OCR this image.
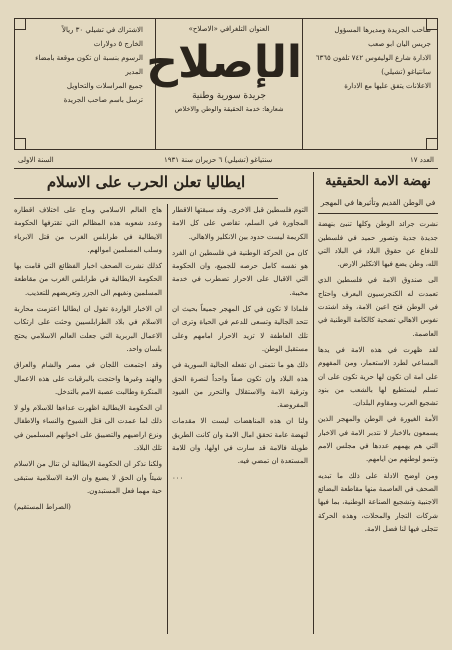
صاحب الجريدة ومديرها المسؤول
جريس اليان ابو صعب
الادارة شارع الوليفوس ٧٤٢ تلفون ٦٣٦٥
سانتياغو (تشيلي)
الاعلانات يتفق عليها مع الادارة
العنوان التلغرافي «الاصلاح»
الإصلاح
جريدة سورية وطنية
شعارها: خدمة الحقيقة والوطن والاخلاص
الاشتراك في تشيلي ٣٠ ريالاً
الخارج ٥ دولارات
الرسوم بنسبة ان تكون موقعة بامضاء المدير
جميع المراسلات والتحاويل
ترسل باسم صاحب الجريدة
العدد ١٧
سنتياغو (تشيلي) ٦ حزيران سنة ١٩٣١
السنة الاولى
نهضة الامة الحقيقية
في الوطن القديم وتأثيرها في المهجر

نشرت جرائد الوطن وكلها تنبئ بنهضة جديدة جدية وتصور حميد في فلسطين للدفاع عن حقوق البلاد في البلاد التي الله، وطن يضع فيها الانكليز الارض.

الى صندوق الامة في فلسطين الذي تعمدت له الكنجرسيون البعرف واحتاج في الوطن فتح اعين الامة، وقد اشتدت نفوس الاهالي تضحية كالكامة الوطنية في العاصمة.

لقد ظهرت في هذه الامة في يدها المساعي لطرد الاستعمار، ومن المفهوم على امة ان تكون لها حرية تكون على ان تسلم ليستطيع لها بالشعب من بنود تشجيع العرب ومقاوم البلدان.

الأمة الغيورة في الوطن والمهجر الذين يسمعون بالاخبار لا نتدبر الامة في الاخبار التي هم يهمهم عددها في مجلس الامم وتنمو لوطنهم من ايامهم.

ومن اوضح الادلة على ذلك ما تبديه الصحف في العاصمة منها مقاطعة البضائع الاجنبية وتشجيع الصناعة الوطنية، بما فيها شركات التجار والمحلات، وهذه الحركة تتجلى فيها لنا فضل الامة.

ايطاليا تعلن الحرب على الاسلام

التوم فلسطين قبل الاخرى. وقد سبقتها الاقطار المجاورة في السلم، تقاضي على كل الامة الكريمة ليست حدود بين الانكليز والاهالي.

كان من الحركة الوطنية في فلسطين ان الفرد هو نفسه كامل حرصه للجميع، وان الحكومة التي الاقبال على الاحرار تضطرب في خدمة مخيبة.

فلماذا لا تكون في كل المهجر جميعاً بحيث ان تتحد الجالية وتسعى للدعم في الحياة وترى ان تلك العاطفة لا تزيد الاحرار امامهم وعلى مستقبل الوطن.

ذلك هو ما نتمنى ان تفعله الجالية السورية في هذه البلاد وان تكون صفاً واحداً لنصرة الحق وترقية الامة والاستقلال والتحرر من القيود المفروضة.

ولنا ان هذه المناهضات ليست الا مقدمات لنهضة عامة تحقق امال الامة وان كانت الطريق طويلة فالامة قد سارت في اولها، وان للامة المستعدة ان تمضي فيه.

٠٠٠

هاج العالم الاسلامي وماج على اختلاف اقطاره وعدد شعوبه هذه المظالم التي تقترفها الحكومة الايطالية في طرابلس الغرب من قتل الابرياء وسلب المسلمين اموالهم.

كذلك نشرت الصحف اخبار الفظائع التي قامت بها الحكومة الايطالية في طرابلس الغرب من مقاطعة المسلمين ونفيهم الى الجزر وتعريضهم للتعذيب.

ان الاخبار الواردة تقول ان ايطاليا اعتزمت محاربة الاسلام في بلاد الطرابلسيين وحثت على ارتكاب الاعمال البربرية التي جعلت العالم الاسلامي يحتج بلسان واحد.

وقد اجتمعت اللجان في مصر والشام والعراق والهند وغيرها واحتجت بالبرقيات على هذه الاعمال المنكرة وطالبت عصبة الامم بالتدخل.

ان الحكومة الايطالية اظهرت عداءها للاسلام ولو لا ذلك لما عمدت الى قتل الشيوخ والنساء والاطفال ونزع اراضيهم والتضييق على اخوانهم المسلمين في تلك البلاد.

ولكنا نذكر ان الحكومة الايطالية لن تنال من الاسلام شيئاً وان الحق لا يضيع وان الامة الاسلامية ستبقى حية مهما فعل المستبدون.

(الصراط المستقيم)
